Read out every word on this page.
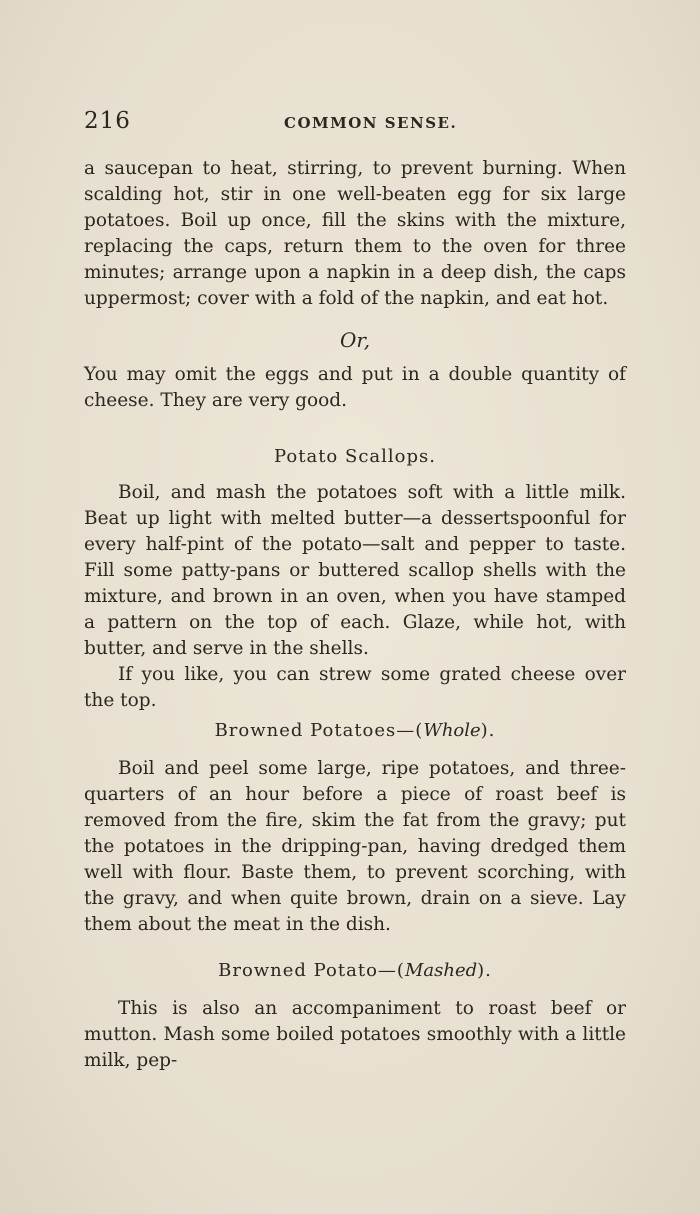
216	COMMON SENSE.

a saucepan to heat, stirring, to prevent burning. When scalding hot, stir in one well-beaten egg for six large potatoes. Boil up once, fill the skins with the mixture, replacing the caps, return them to the oven for three minutes; arrange upon a napkin in a deep dish, the caps uppermost; cover with a fold of the napkin, and eat hot.

Or,

You may omit the eggs and put in a double quantity of cheese. They are very good.

Potato Scallops.

Boil, and mash the potatoes soft with a little milk. Beat up light with melted butter—a dessertspoonful for every half-pint of the potato—salt and pepper to taste. Fill some patty-pans or buttered scallop shells with the mixture, and brown in an oven, when you have stamped a pattern on the top of each. Glaze, while hot, with butter, and serve in the shells.

If you like, you can strew some grated cheese over the top.

Browned Potatoes—(Whole).

Boil and peel some large, ripe potatoes, and three-quarters of an hour before a piece of roast beef is removed from the fire, skim the fat from the gravy; put the potatoes in the dripping-pan, having dredged them well with flour. Baste them, to prevent scorching, with the gravy, and when quite brown, drain on a sieve. Lay them about the meat in the dish.

Browned Potato—(Mashed).

This is also an accompaniment to roast beef or mutton. Mash some boiled potatoes smoothly with a little milk, pep-
